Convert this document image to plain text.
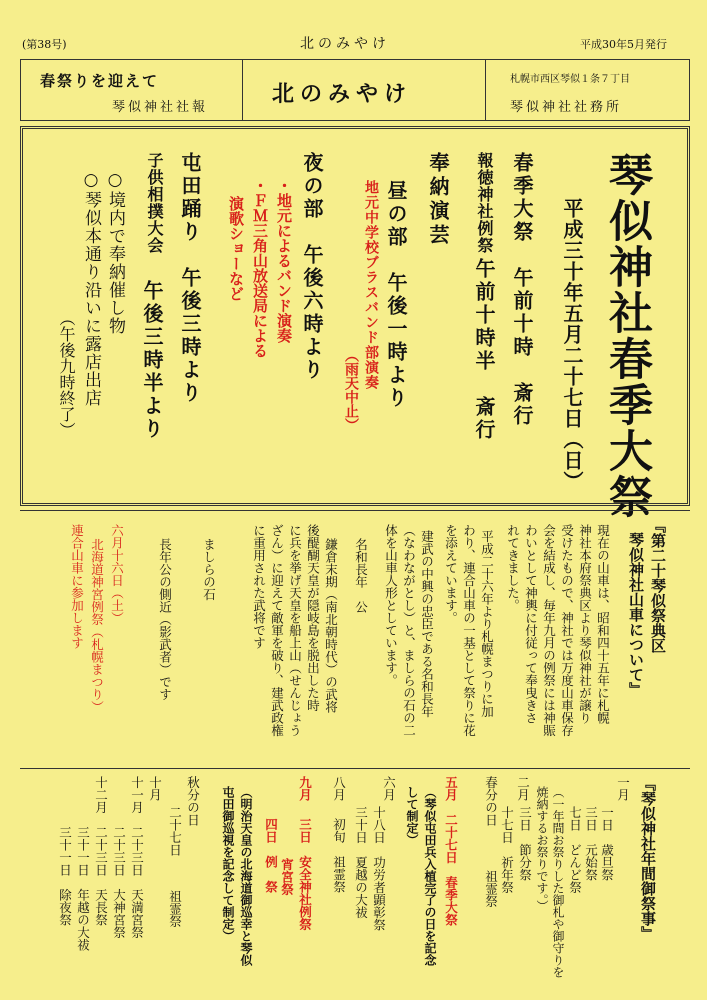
(第38号)	北のみやけ	平成30年5月発行
春祭りを迎えて
琴似神社社報
北のみやけ
札幌市西区琴似１条７丁目
琴似神社社務所
琴似神社春季大祭
平成三十年五月二十七日（日）
春季大祭　午前十時　斎行
報徳神社例祭
午前十時半　斎行
奉納演芸
昼の部　午後一時より
地元中学校ブラスバンド部演奏
（雨天中止）
夜の部　午後六時より
・地元によるバンド演奏
・ＦＭ三角山放送局による
演歌ショーなど
屯田踊り　午後三時より
子供相撲大会
午後三時半より
○境内で奉納催し物
○琴似本通り沿いに露店出店
（午後九時終了）
『第二十琴似祭典区
琴似神社山車について』
現在の山車は、昭和四十五年に札幌
神社本府祭典区より琴似神社が譲り
受けたもので、神社では万度山車保存
会を結成し、毎年九月の例祭には神賑
わいとして神輿に付従って奉曳きさ
れてきました。
平成二十六年より札幌まつりに加
わり、連合山車の一基として祭りに花
を添えています。
建武の中興の忠臣である名和長年
（なわながとし）と、ましらの石の二
体を山車人形としています。
名和長年　公
鎌倉末期（南北朝時代）の武将
後醍醐天皇が隠岐島を脱出した時
に兵を挙げ天皇を船上山（せんじょう
ざん）に迎えて敵軍を破り、建武政権
に重用された武将です
ましらの石
長年公の側近（影武者）です
六月十六日（土）
北海道神宮例祭（札幌まつり）
連合山車に参加します
『琴似神社年間御祭事』
一月
一日　歳旦祭
三日　元始祭
七日　どんど祭
（一年間お祭りした御札や御守りを
焼納するお祭りです。）
二月
三日　節分祭
十七日　祈年祭
春分の日
祖霊祭
五月　二十七日　春季大祭
（琴似屯田兵入植完了の日を記念
して制定）
六月
十八日　功労者顕彰祭
三十日　夏越の大祓
八月
初旬　祖霊祭
九月
三日　安全神社例祭
宵宮祭
四日　例　祭
（明治天皇の北海道御巡幸と琴似
屯田御巡視を記念して制定）
秋分の日
二十七日
祖霊祭
十月
十一月　二十三日　天満宮祭
　　　　二十三日　大神宮祭
十二月　二十三日　天長祭
　　　　三十一日　年越の大祓
　　　　三十一日　除夜祭
